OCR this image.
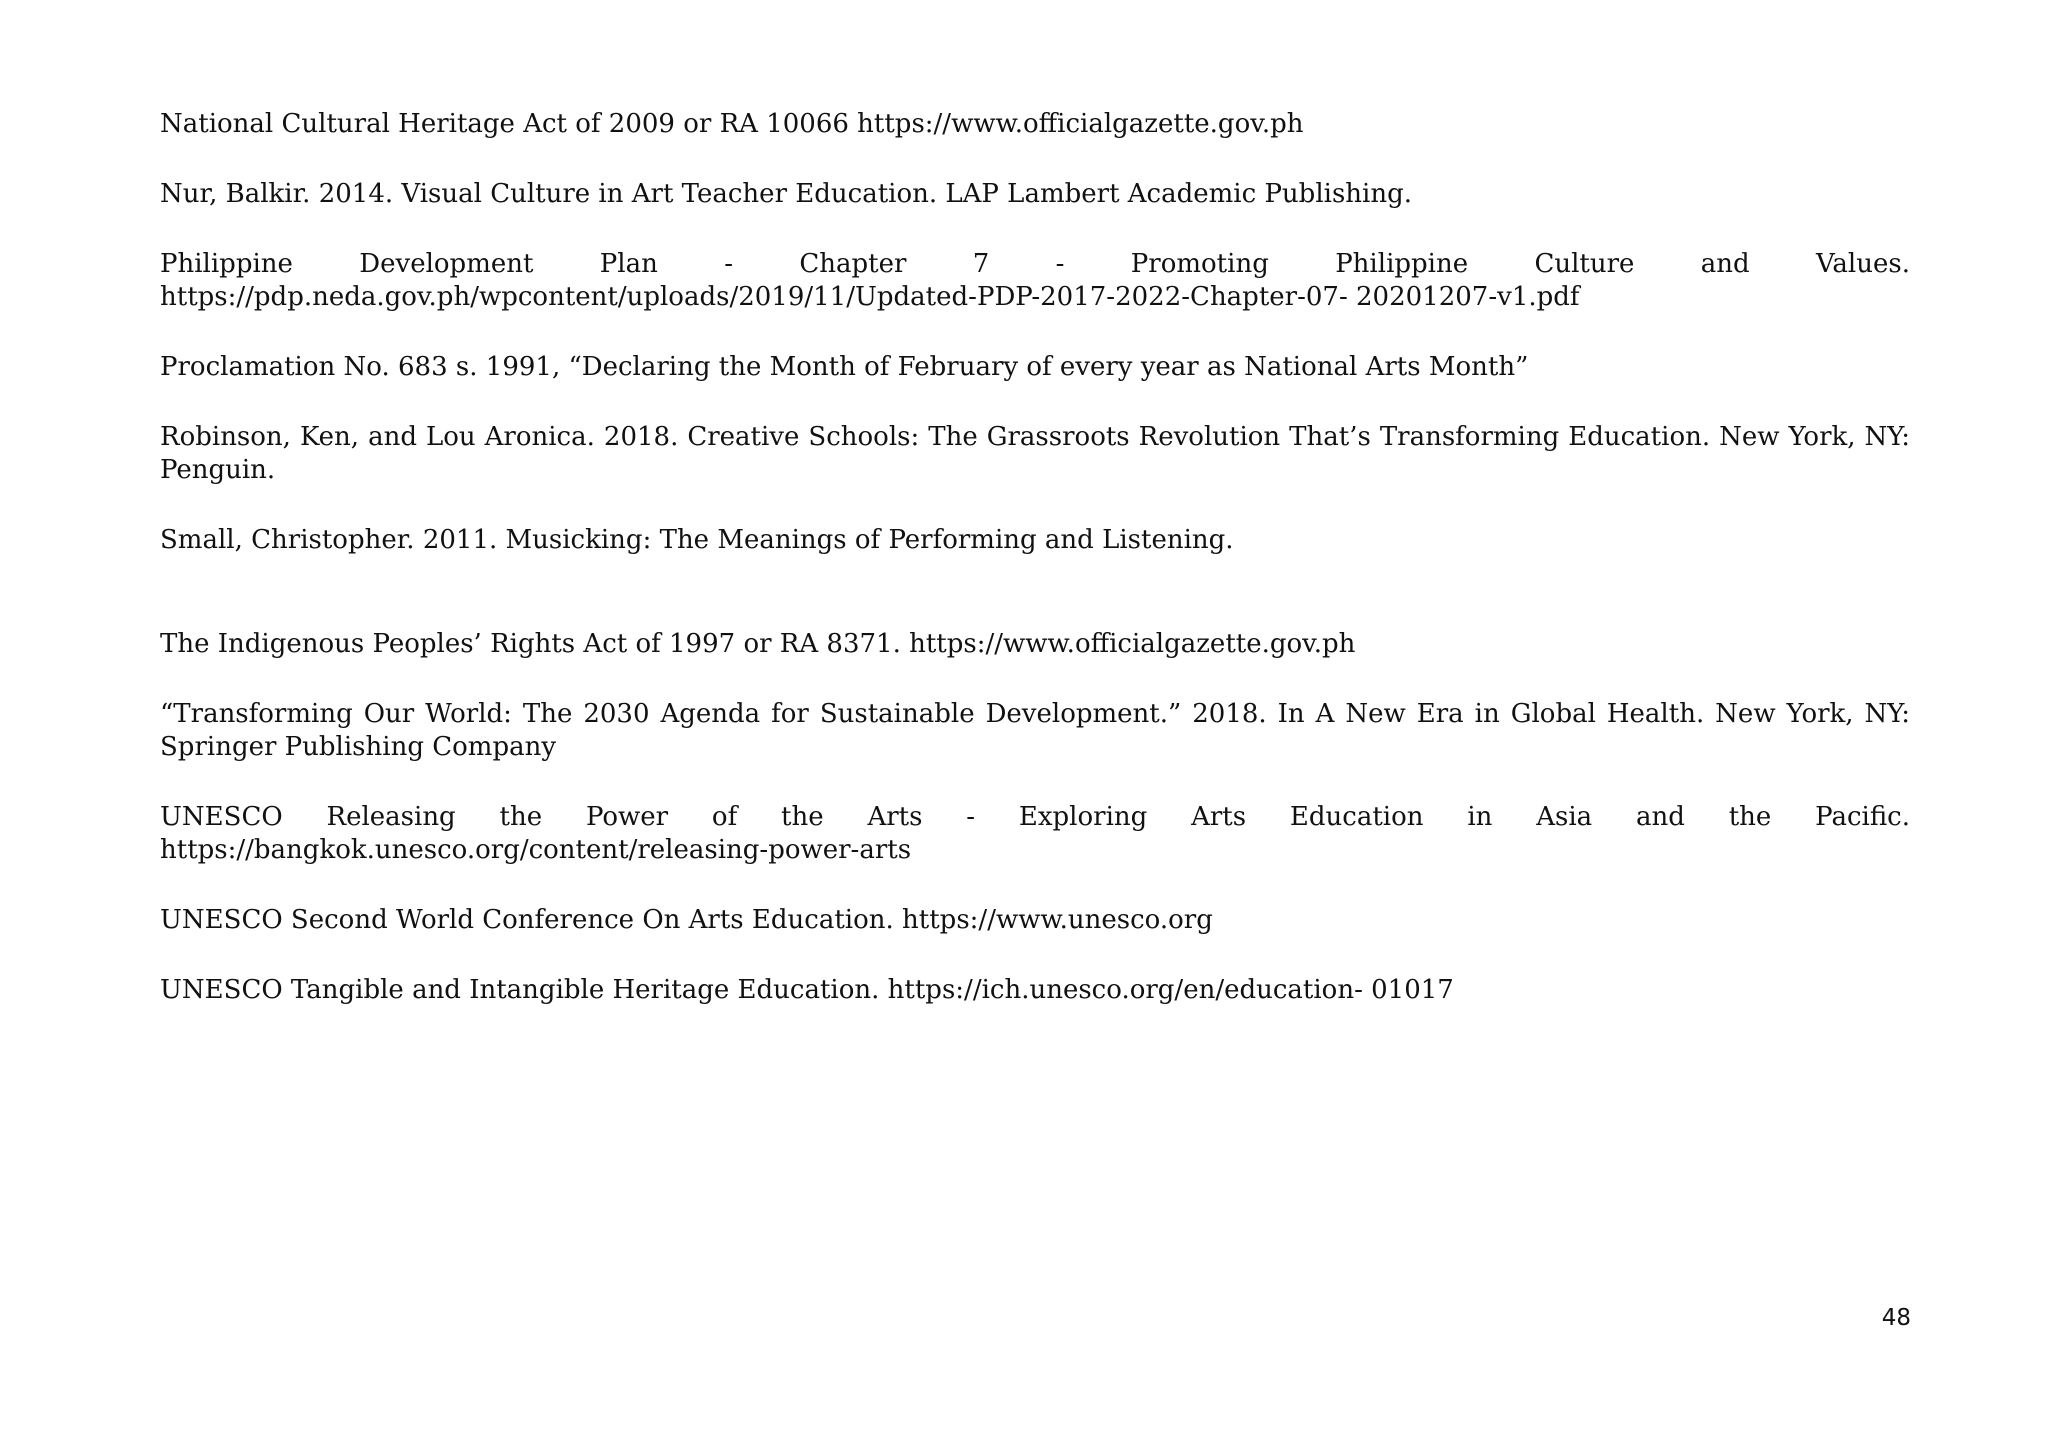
National Cultural Heritage Act of 2009 or RA 10066 https://www.officialgazette.gov.ph

Nur, Balkir. 2014. Visual Culture in Art Teacher Education. LAP Lambert Academic Publishing.

Philippine Development Plan - Chapter 7 - Promoting Philippine Culture and Values.
https://pdp.neda.gov.ph/wpcontent/uploads/2019/11/Updated-PDP-2017-2022-Chapter-07- 20201207-v1.pdf

Proclamation No. 683 s. 1991, “Declaring the Month of February of every year as National Arts Month”

Robinson, Ken, and Lou Aronica. 2018. Creative Schools: The Grassroots Revolution That’s Transforming Education. New York, NY: Penguin.

Small, Christopher. 2011. Musicking: The Meanings of Performing and Listening.

The Indigenous Peoples’ Rights Act of 1997 or RA 8371. https://www.officialgazette.gov.ph

“Transforming Our World: The 2030 Agenda for Sustainable Development.” 2018. In A New Era in Global Health. New York, NY: Springer Publishing Company

UNESCO Releasing the Power of the Arts - Exploring Arts Education in Asia and the Pacific.
https://bangkok.unesco.org/content/releasing-power-arts

UNESCO Second World Conference On Arts Education. https://www.unesco.org

UNESCO Tangible and Intangible Heritage Education. https://ich.unesco.org/en/education- 01017

48
